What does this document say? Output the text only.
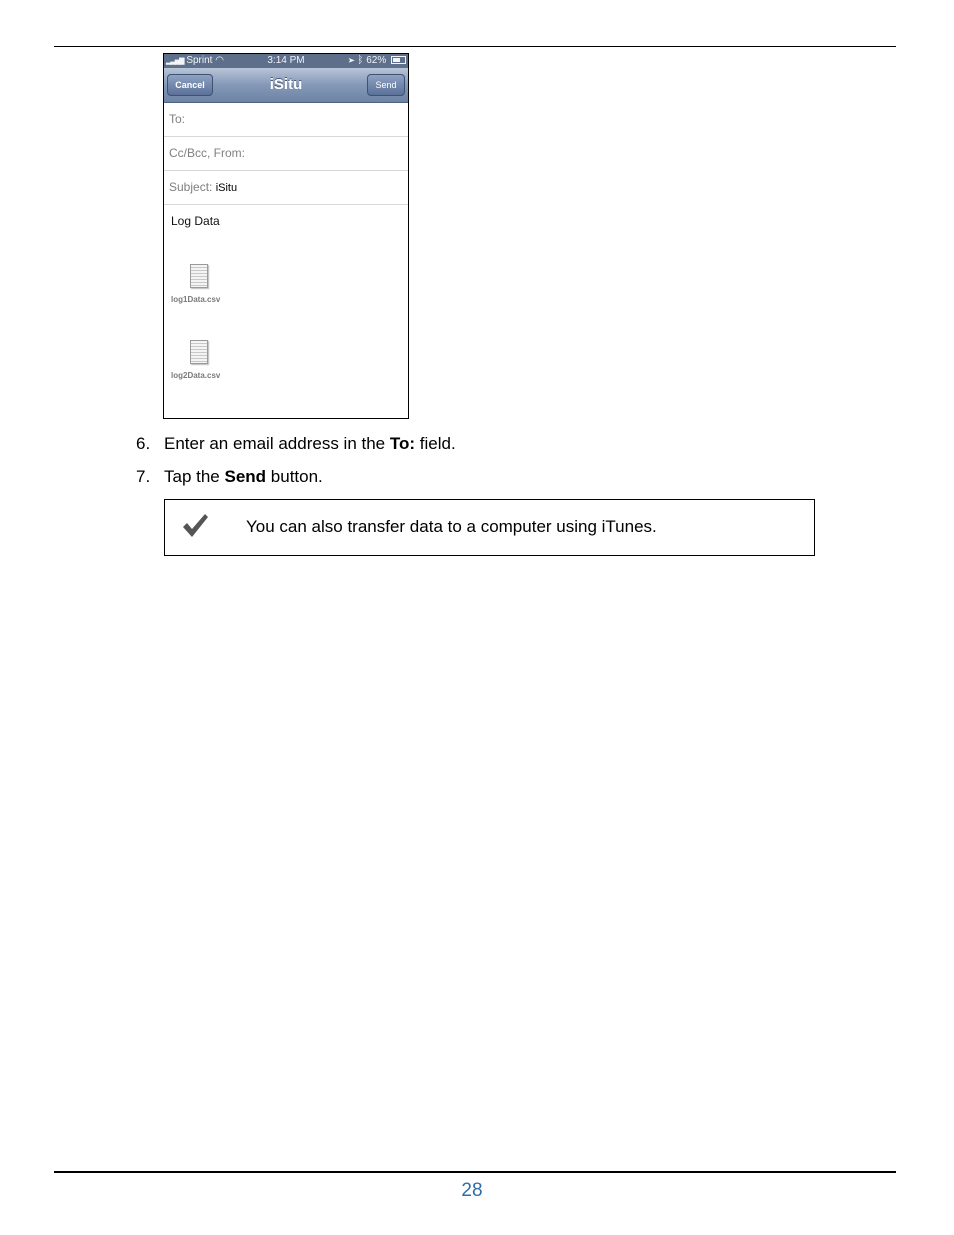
▂▃▅▇ Sprint ◠	3:14 PM	➤ ᛒ 62%
Cancel	iSitu	Send
To:
Cc/Bcc, From:
Subject: iSitu
Log Data
log1Data.csv
log2Data.csv
6. Enter an email address in the To: field.
7. Tap the Send button.
You can also transfer data to a computer using iTunes.
28
